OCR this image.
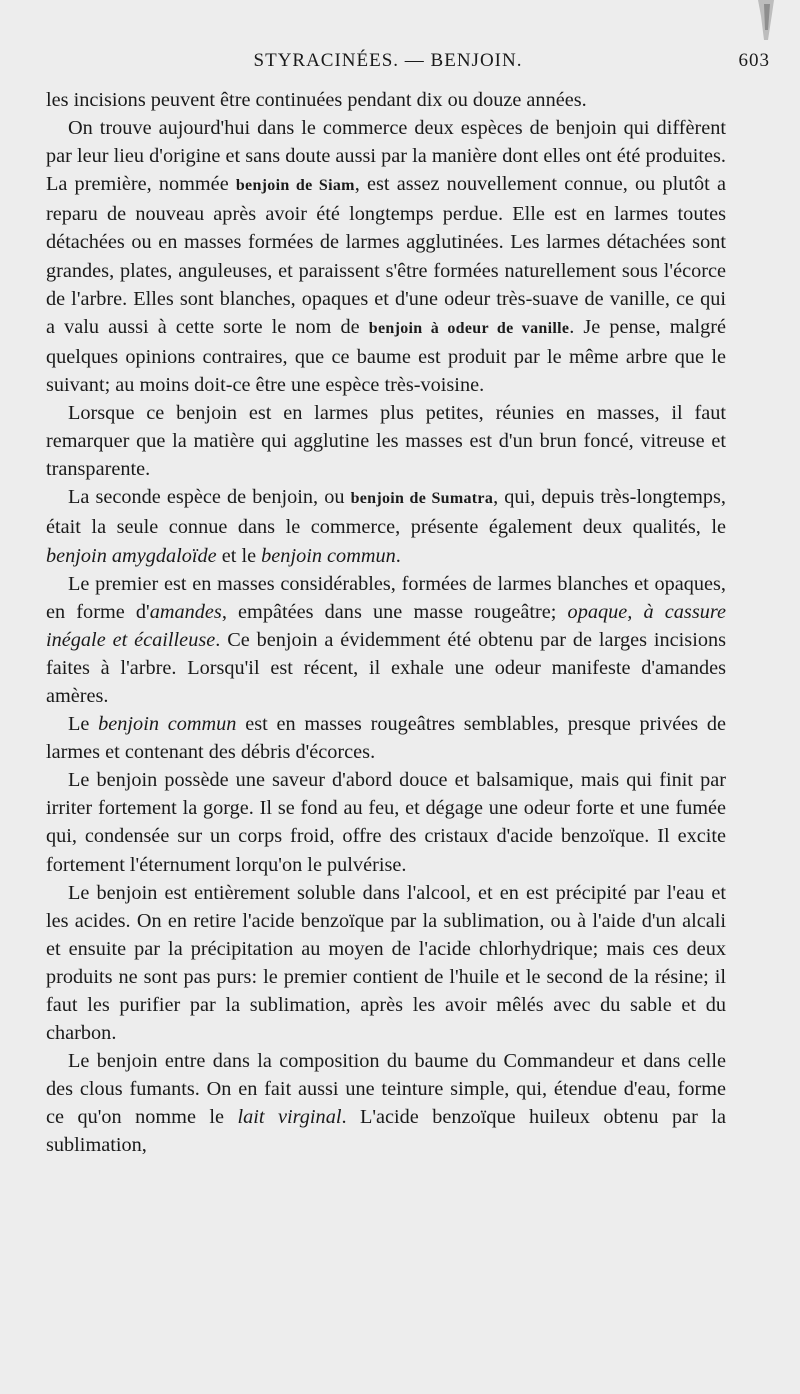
STYRACINÉES. — BENJOIN.	603

les incisions peuvent être continuées pendant dix ou douze années.

On trouve aujourd'hui dans le commerce deux espèces de benjoin qui diffèrent par leur lieu d'origine et sans doute aussi par la manière dont elles ont été produites. La première, nommée benjoin de Siam, est assez nouvellement connue, ou plutôt a reparu de nouveau après avoir été longtemps perdue. Elle est en larmes toutes détachées ou en masses formées de larmes agglutinées. Les larmes détachées sont grandes, plates, anguleuses, et paraissent s'être formées naturellement sous l'écorce de l'arbre. Elles sont blanches, opaques et d'une odeur très-suave de vanille, ce qui a valu aussi à cette sorte le nom de benjoin à odeur de vanille. Je pense, malgré quelques opinions contraires, que ce baume est produit par le même arbre que le suivant; au moins doit-ce être une espèce très-voisine.

Lorsque ce benjoin est en larmes plus petites, réunies en masses, il faut remarquer que la matière qui agglutine les masses est d'un brun foncé, vitreuse et transparente.

La seconde espèce de benjoin, ou benjoin de Sumatra, qui, depuis très-longtemps, était la seule connue dans le commerce, présente également deux qualités, le benjoin amygdaloïde et le benjoin commun.

Le premier est en masses considérables, formées de larmes blanches et opaques, en forme d'amandes, empâtées dans une masse rougeâtre; opaque, à cassure inégale et écailleuse. Ce benjoin a évidemment été obtenu par de larges incisions faites à l'arbre. Lorsqu'il est récent, il exhale une odeur manifeste d'amandes amères.

Le benjoin commun est en masses rougeâtres semblables, presque privées de larmes et contenant des débris d'écorces.

Le benjoin possède une saveur d'abord douce et balsamique, mais qui finit par irriter fortement la gorge. Il se fond au feu, et dégage une odeur forte et une fumée qui, condensée sur un corps froid, offre des cristaux d'acide benzoïque. Il excite fortement l'éternument lorqu'on le pulvérise.

Le benjoin est entièrement soluble dans l'alcool, et en est précipité par l'eau et les acides. On en retire l'acide benzoïque par la sublimation, ou à l'aide d'un alcali et ensuite par la précipitation au moyen de l'acide chlorhydrique; mais ces deux produits ne sont pas purs: le premier contient de l'huile et le second de la résine; il faut les purifier par la sublimation, après les avoir mêlés avec du sable et du charbon.

Le benjoin entre dans la composition du baume du Commandeur et dans celle des clous fumants. On en fait aussi une teinture simple, qui, étendue d'eau, forme ce qu'on nomme le lait virginal. L'acide benzoïque huileux obtenu par la sublimation,
